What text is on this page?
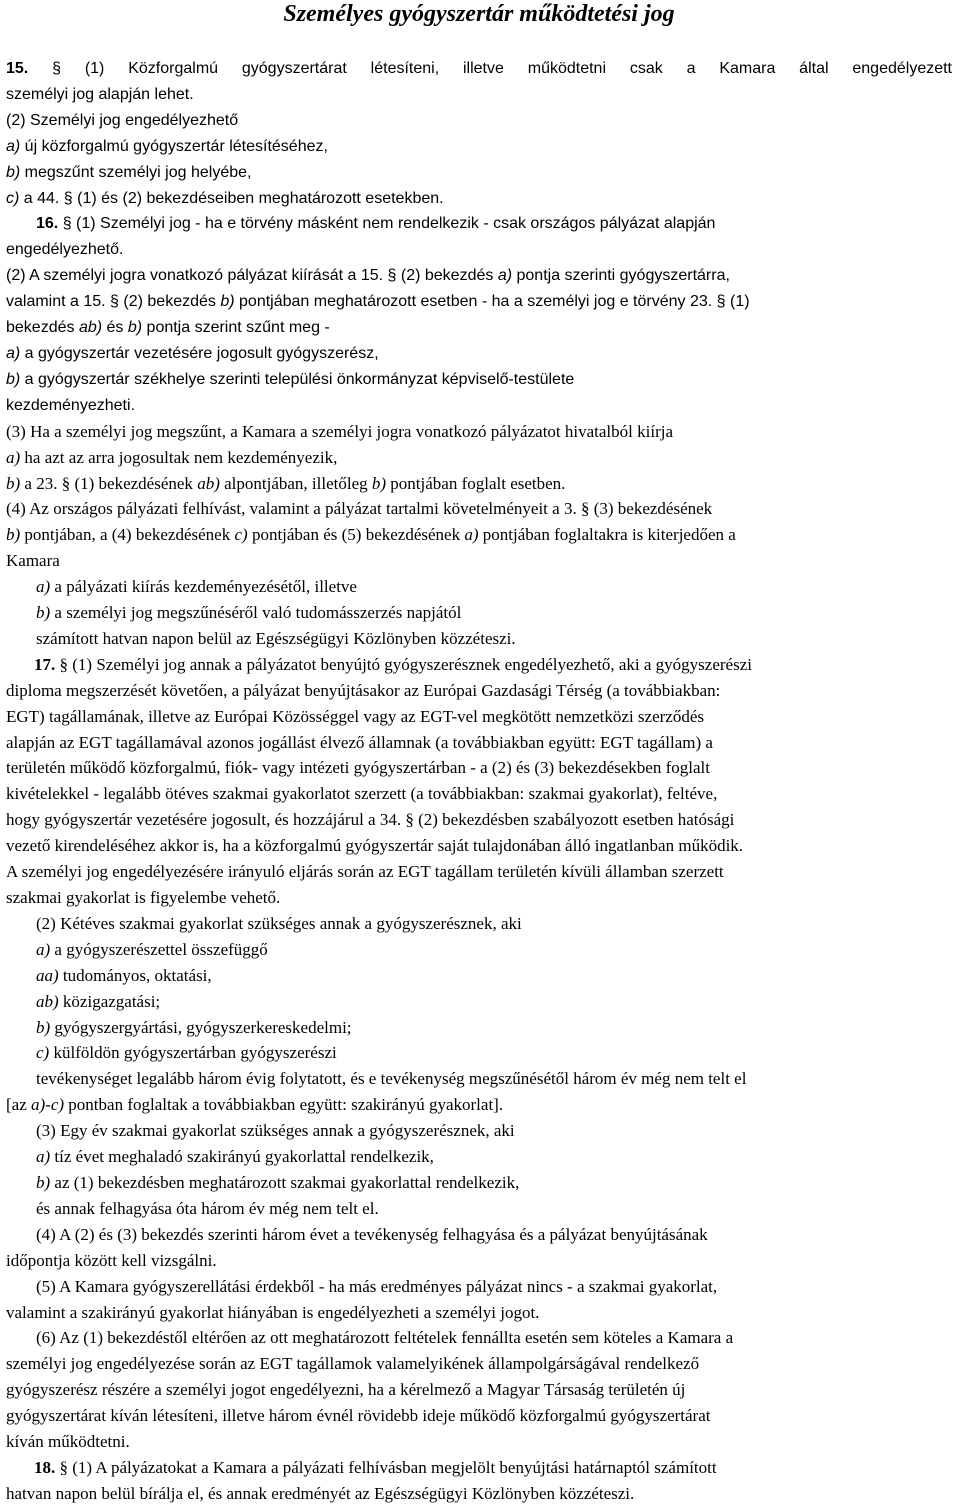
Személyes gyógyszertár működtetési jog
15. § (1) Közforgalmú gyógyszertárat létesíteni, illetve működtetni csak a Kamara által engedélyezett
személyi jog alapján lehet.
(2) Személyi jog engedélyezhető
a) új közforgalmú gyógyszertár létesítéséhez,
b) megszűnt személyi jog helyébe,
c) a 44. § (1) és (2) bekezdéseiben meghatározott esetekben.
16. § (1) Személyi jog - ha e törvény másként nem rendelkezik - csak országos pályázat alapján
engedélyezhető.
(2) A személyi jogra vonatkozó pályázat kiírását a 15. § (2) bekezdés a) pontja szerinti gyógyszertárra,
valamint a 15. § (2) bekezdés b) pontjában meghatározott esetben - ha a személyi jog e törvény 23. § (1)
bekezdés ab) és b) pontja szerint szűnt meg -
a) a gyógyszertár vezetésére jogosult gyógyszerész,
b) a gyógyszertár székhelye szerinti települési önkormányzat képviselő-testülete
kezdeményezheti.
(3) Ha a személyi jog megszűnt, a Kamara a személyi jogra vonatkozó pályázatot hivatalból kiírja
a) ha azt az arra jogosultak nem kezdeményezik,
b) a 23. § (1) bekezdésének ab) alpontjában, illetőleg b) pontjában foglalt esetben.
(4) Az országos pályázati felhívást, valamint a pályázat tartalmi követelményeit a 3. § (3) bekezdésének
b) pontjában, a (4) bekezdésének c) pontjában és (5) bekezdésének a) pontjában foglaltakra is kiterjedően a
Kamara
a) a pályázati kiírás kezdeményezésétől, illetve
b) a személyi jog megszűnéséről való tudomásszerzés napjától
számított hatvan napon belül az Egészségügyi Közlönyben közzéteszi.
17. § (1) Személyi jog annak a pályázatot benyújtó gyógyszerésznek engedélyezhető, aki a gyógyszerészi
diploma megszerzését követően, a pályázat benyújtásakor az Európai Gazdasági Térség (a továbbiakban:
EGT) tagállamának, illetve az Európai Közösséggel vagy az EGT-vel megkötött nemzetközi szerződés
alapján az EGT tagállamával azonos jogállást élvező államnak (a továbbiakban együtt: EGT tagállam) a
területén működő közforgalmú, fiók- vagy intézeti gyógyszertárban - a (2) és (3) bekezdésekben foglalt
kivételekkel - legalább ötéves szakmai gyakorlatot szerzett (a továbbiakban: szakmai gyakorlat), feltéve,
hogy gyógyszertár vezetésére jogosult, és hozzájárul a 34. § (2) bekezdésben szabályozott esetben hatósági
vezető kirendeléséhez akkor is, ha a közforgalmú gyógyszertár saját tulajdonában álló ingatlanban működik.
A személyi jog engedélyezésére irányuló eljárás során az EGT tagállam területén kívüli államban szerzett
szakmai gyakorlat is figyelembe vehető.
(2) Kétéves szakmai gyakorlat szükséges annak a gyógyszerésznek, aki
a) a gyógyszerészettel összefüggő
aa) tudományos, oktatási,
ab) közigazgatási;
b) gyógyszergyártási, gyógyszerkereskedelmi;
c) külföldön gyógyszertárban gyógyszerészi
tevékenységet legalább három évig folytatott, és e tevékenység megszűnésétől három év még nem telt el
[az a)-c) pontban foglaltak a továbbiakban együtt: szakirányú gyakorlat].
(3) Egy év szakmai gyakorlat szükséges annak a gyógyszerésznek, aki
a) tíz évet meghaladó szakirányú gyakorlattal rendelkezik,
b) az (1) bekezdésben meghatározott szakmai gyakorlattal rendelkezik,
és annak felhagyása óta három év még nem telt el.
(4) A (2) és (3) bekezdés szerinti három évet a tevékenység felhagyása és a pályázat benyújtásának
időpontja között kell vizsgálni.
(5) A Kamara gyógyszerellátási érdekből - ha más eredményes pályázat nincs - a szakmai gyakorlat,
valamint a szakirányú gyakorlat hiányában is engedélyezheti a személyi jogot.
(6) Az (1) bekezdéstől eltérően az ott meghatározott feltételek fennállta esetén sem köteles a Kamara a
személyi jog engedélyezése során az EGT tagállamok valamelyikének állampolgárságával rendelkező
gyógyszerész részére a személyi jogot engedélyezni, ha a kérelmező a Magyar Társaság területén új
gyógyszertárat kíván létesíteni, illetve három évnél rövidebb ideje működő közforgalmú gyógyszertárat
kíván működtetni.
18. § (1) A pályázatokat a Kamara a pályázati felhívásban megjelölt benyújtási határnaptól számított
hatvan napon belül bírálja el, és annak eredményét az Egészségügyi Közlönyben közzéteszi.
